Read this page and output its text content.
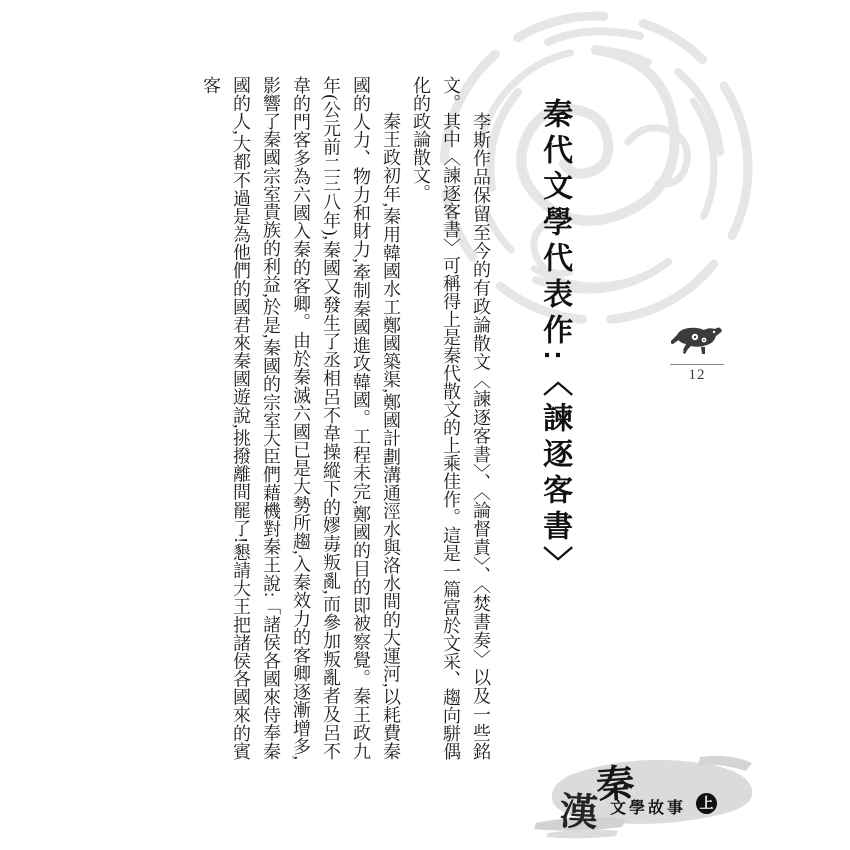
秦代文學代表作:〈諫逐客書〉

李斯作品保留至今的有政論散文〈諫逐客書〉、〈論督責〉、〈焚書奏〉以及一些銘文。其中〈諫逐客書〉可稱得上是秦代散文的上乘佳作。這是一篇富於文采、趨向駢偶化的政論散文。

秦王政初年,秦用韓國水工鄭國築渠,鄭國計劃溝通涇水與洛水間的大運河,以耗費秦國的人力、物力和財力,牽制秦國進攻韓國。工程未完,鄭國的目的即被察覺。秦王政九年(公元前二三八年),秦國又發生了丞相呂不韋操縱下的嫪毐叛亂,而參加叛亂者及呂不韋的門客多為六國入秦的客卿。由於秦滅六國已是大勢所趨,入秦效力的客卿逐漸增多,影響了秦國宗室貴族的利益,於是,秦國的宗室大臣們藉機對秦王說:「諸侯各國來侍奉秦國的人,大都不過是為他們的國君來秦國遊說,挑撥離間罷了!懇請大王把諸侯各國來的賓客

12
秦
漢 文學故事 上
